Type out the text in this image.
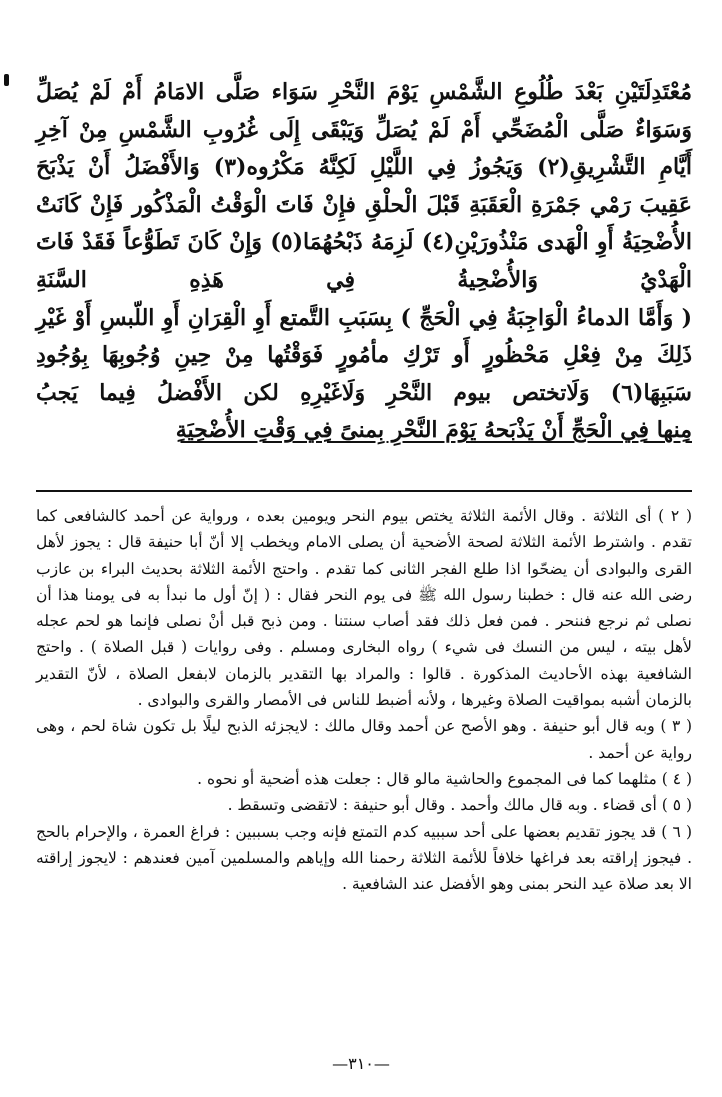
مُعْتَدِلَتَيْنِ بَعْدَ طُلُوعِ الشَّمْسِ يَوْمَ النَّحْرِ سَوَاء صَلَّى الامَامُ أَمْ لَمْ يُصَلِّ وَسَوَاءٌ صَلَّى الْمُضَحِّي أَمْ لَمْ يُصَلِّ وَيَبْقَى إِلَى غُرُوبِ الشَّمْسِ مِنْ آخِرِ أَيَّامِ التَّشْرِيقِ(٢) وَيَجُوزُ فِي اللَّيْلِ لَكِنَّهُ مَكْرُوه(٣) وَالأَفْضَلُ أَنْ يَذْبَحَ عَقِيبَ رَمْي جَمْرَةِ الْعَقَبَةِ قَبْلَ الْحلْقِ فإِنْ فَاتَ الْوَقْتُ الْمَذْكُور فَإِنْ كَانَتْ الأُضْحِيَةُ أَوِ الْهَدى مَنْذُورَيْنِ(٤) لَزِمَهُ ذَبْحُهُمَا(٥) وَإِنْ كَانَ تَطَوُّعاً فَقَدْ فَاتَ الْهَدْيُ وَالأُضْحِيةُ فِي هَذِهِ السَّنَةِ

( وَأَمَّا الدماءُ الْوَاجِبَةُ فِي الْحَجِّ ) بِسَبَبِ التَّمتع أَوِ الْقِرَانِ أَوِ اللّبسِ أَوْ غَيْرِ ذَلِكَ مِنْ فِعْلِ مَحْظُورٍ أَو تَرْكِ مأمُورٍ فَوَقْتُها مِنْ حِينِ وُجُوبِهَا بِوُجُودِ سَبَبِهَا(٦) وَلَاتختص بيوم النَّحْرِ وَلَاغَيْرِهِ لكن الأَفْضلُ فِيما يَجبُ

مِنها فِي الْحَجِّ أَنْ يَذْبَحهُ يَوْمَ النَّحْرِ بِمنىً فِي وَقْتِ الأُضْحِيَةِ

( ٢ ) أى الثلاثة . وقال الأئمة الثلاثة يختص بيوم النحر ويومين بعده ، ورواية عن أحمد كالشافعى كما تقدم . واشترط الأئمة الثلاثة لصحة الأضحية أن يصلى الامام ويخطب إلا أنّ أبا حنيفة قال : يجوز لأهل القرى والبوادى أن يضحّوا اذا طلع الفجر الثانى كما تقدم . واحتج الأئمة الثلاثة بحديث البراء بن عازب رضى الله عنه قال : خطبنا رسول الله ﷺ فى يوم النحر فقال : ( إنّ أول ما نبدأ به فى يومنا هذا أن نصلى ثم نرجع فننحر . فمن فعل ذلك فقد أصاب سنتنا . ومن ذبح قبل أنْ نصلى فإنما هو لحم عجله لأهل بيته ، ليس من النسك فى شيء ) رواه البخارى ومسلم . وفى روايات ( قبل الصلاة ) . واحتج الشافعية بهذه الأحاديث المذكورة . قالوا : والمراد بها التقدير بالزمان لابفعل الصلاة ، لأنّ التقدير بالزمان أشبه بمواقيت الصلاة وغيرها ، ولأنه أضبط للناس فى الأمصار والقرى والبوادى .

( ٣ ) وبه قال أبو حنيفة . وهو الأصح عن أحمد وقال مالك : لايجزئه الذبح ليلًا بل تكون شاة لحم ، وهى رواية عن أحمد .

( ٤ ) مثلهما كما فى المجموع والحاشية مالو قال : جعلت هذه أضحية أو نحوه .

( ٥ ) أى قضاء . وبه قال مالك وأحمد . وقال أبو حنيفة : لاتقضى وتسقط .

( ٦ ) قد يجوز تقديم بعضها على أحد سببيه كدم التمتع فإنه وجب بسببين : فراغ العمرة ، والإحرام بالحج . فيجوز إراقته بعد فراغها خلافاً للأئمة الثلاثة رحمنا الله وإياهم والمسلمين آمين فعندهم : لايجوز إراقته الا بعد صلاة عيد النحر بمنى وهو الأفضل عند الشافعية .

—٣١٠—
